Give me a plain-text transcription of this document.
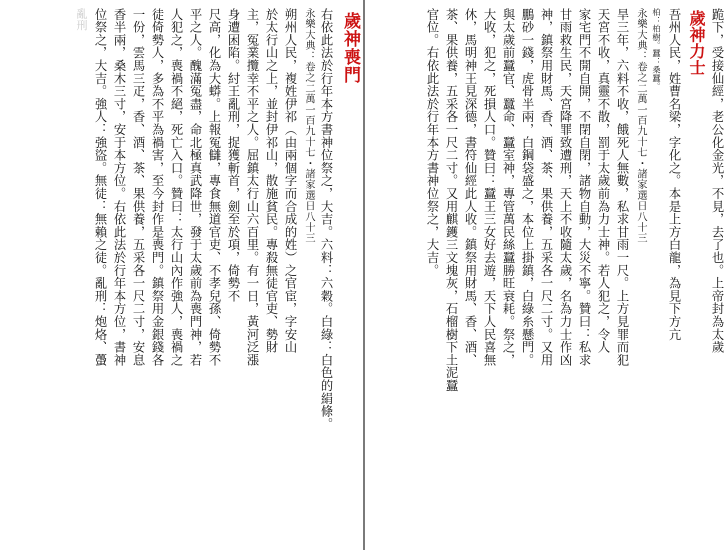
歲神喪門
右依此法於行年本方書神位祭之，大吉。六料：六穀。白綠：白色的絹條。
永樂大典：卷之二萬一百九十七・諸家選日八十三
朔州人民，複姓伊祁（由兩個字而合成的姓）之官宦，字安山
於太行山之上，並封伊祁山，散施貧民。專殺無徒官吏、勢財
主，冤業攬幸不平之人。屈鎮太行山六百里。有一日，黃河泛漲
身遭困陷。紂王亂刑，捉獲斬首，劍至於項，倚勢不
尺高，化為大蟒。上報冤讎，專食無道官吏、不孝兒孫、倚勢不
平之人。醜滿冤盡，命北極真武降世，發于太歲前為喪門神，若
人犯之，喪禍不絕，死亡入口。贊曰：太行山內作強人，喪禍之
徒倚勢人，多為不平為禍害，至今封作是喪門。鎮祭用金銀錢各
一份，雲馬三疋，香、酒、茶、果供養，五采各一尺二寸，安息
香半兩，桑木三寸，安于本方位。右依此法於行年本方位，書神
位祭之，大吉。強人：強盜。無徒：無賴之徒。亂刑：炮烙、蠆
亂刑	跪下，受接仙經，老公化金光，不見，去了也。上帝封為太歲
歲神力士
吾州人民，姓曹名梁，字化之。本是上方白龍，為見下方亢
柏：柏樹。蠶：桑蠶。
永樂大典：卷之二萬一百九十七・諸家選日八十三
旱三年，六料不收，餓死人無數，私求甘雨一尺。上方見罪而犯
天宮不收，真靈不散，罰于太歲前為力士神。若人犯之，令人
家宅門不開自開，不閉自閉，諸物自動，大災不寧。贊曰：私求
甘雨救生民，天宮降罪致遭刑，天上不收隨太歲，名為力士作凶
神，鎮祭用財馬、香、酒、茶、果供養，五采各一尺二寸。又用
鵬砂一錢，虎骨半兩，白鋼袋盛之，本位上掛鎮，白綠糸懸門。
與太歲前蠶官、蠶命、蠶室神，專管萬民絲蠶勝旺衰耗。祭之，
大收，犯之，死損人口。贊曰：蠶王三女好去遊，天下人民喜無
休，馬明神王見深德，書符仙經此人收。鎮祭用財馬、香、酒、
茶、果供養，五采各一尺二寸。又用麒鑊三文塊灰，石榴樹下土泥蠶
官位。右依此法於行年本方書神位祭之，大吉。
